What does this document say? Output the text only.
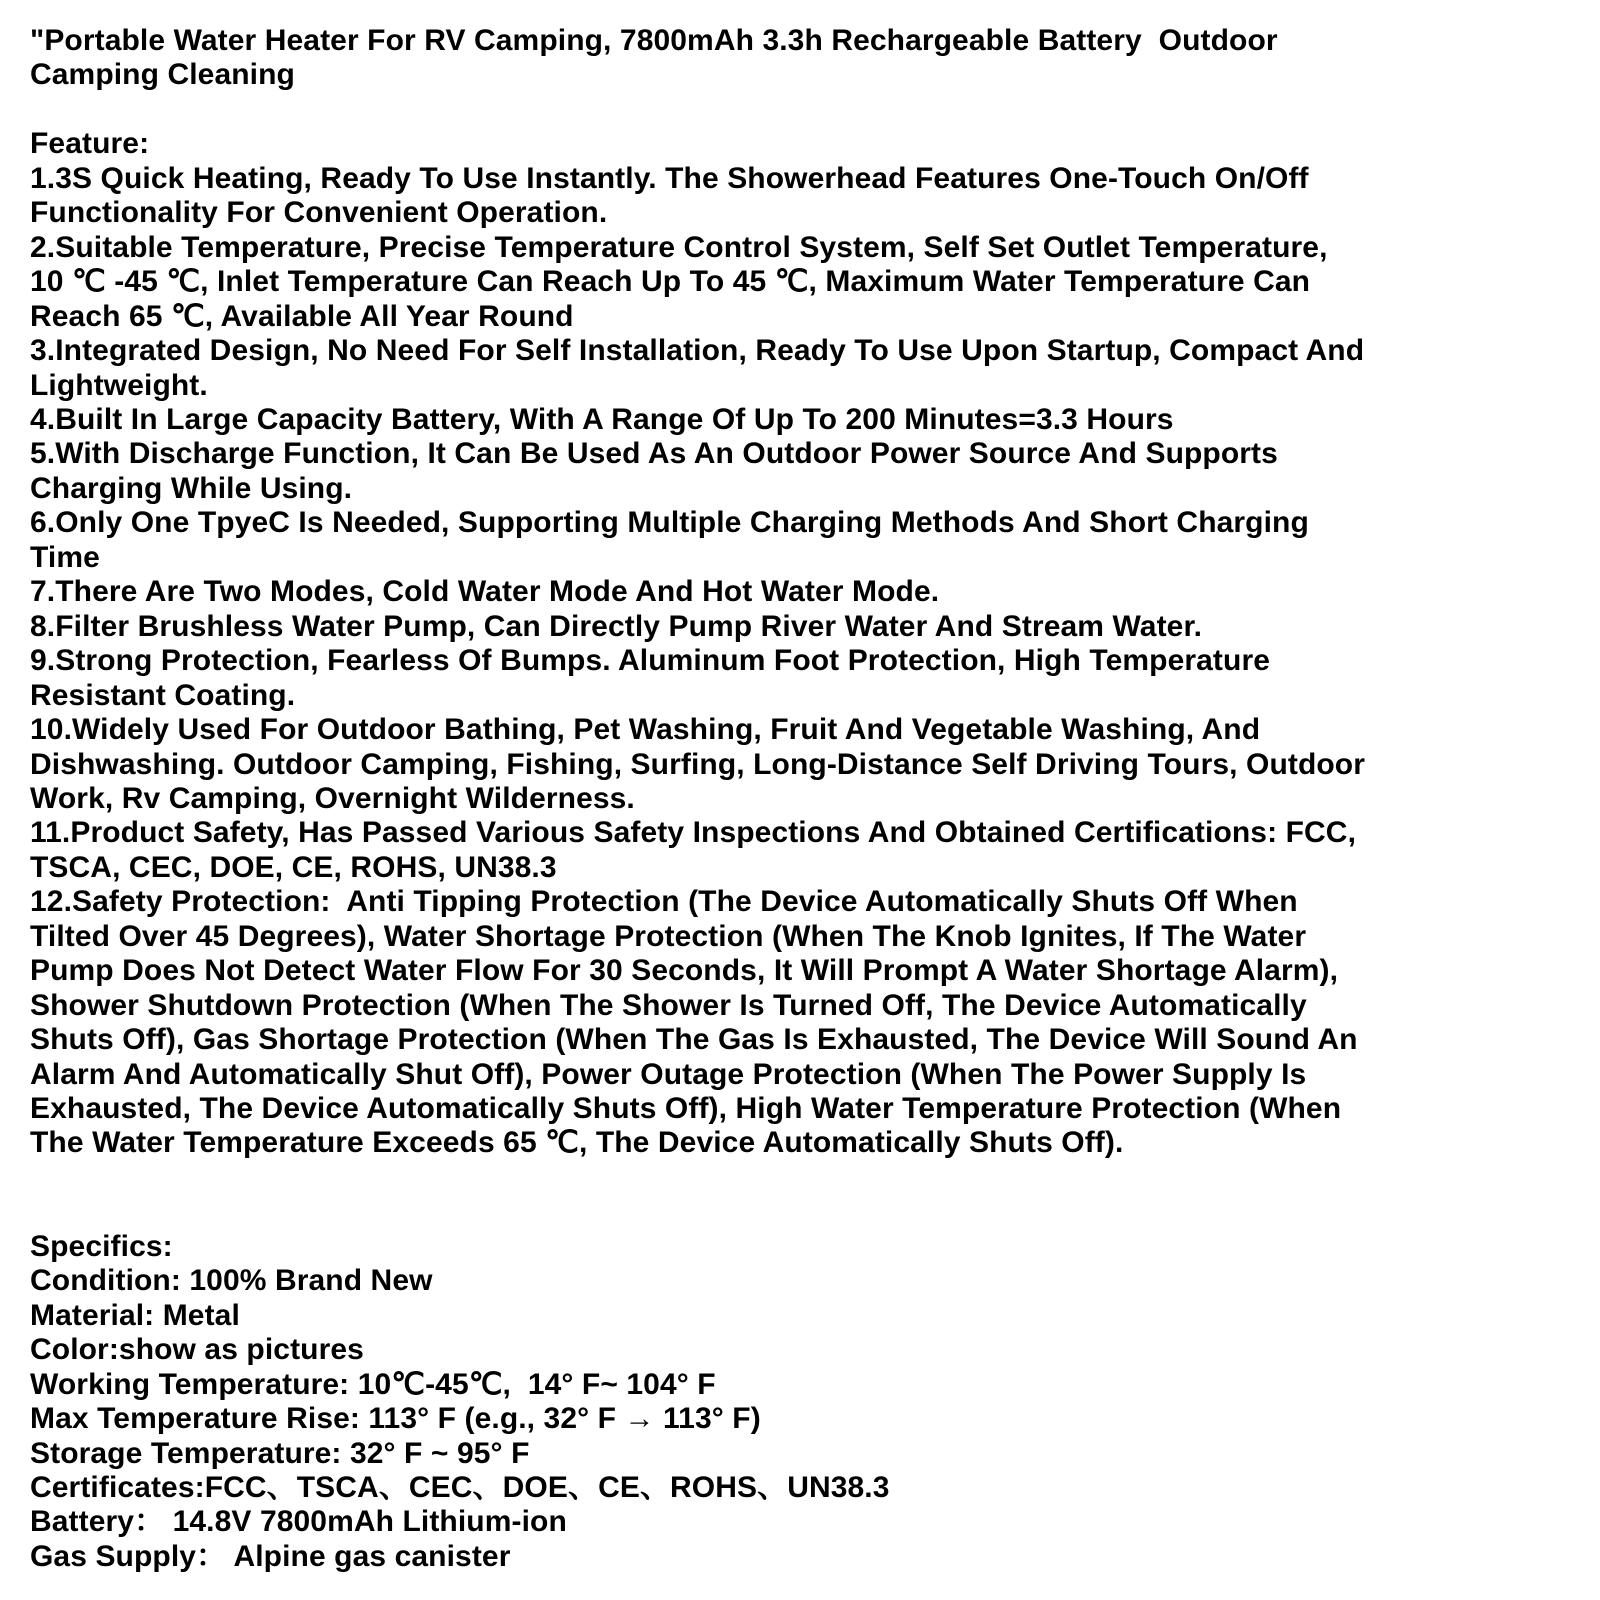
"Portable Water Heater For RV Camping, 7800mAh 3.3h Rechargeable Battery  Outdoor
Camping Cleaning
Feature:
1.3S Quick Heating, Ready To Use Instantly. The Showerhead Features One-Touch On/Off
Functionality For Convenient Operation.
2.Suitable Temperature, Precise Temperature Control System, Self Set Outlet Temperature,
10 ℃ -45 ℃, Inlet Temperature Can Reach Up To 45 ℃, Maximum Water Temperature Can
Reach 65 ℃, Available All Year Round
3.Integrated Design, No Need For Self Installation, Ready To Use Upon Startup, Compact And
Lightweight.
4.Built In Large Capacity Battery, With A Range Of Up To 200 Minutes=3.3 Hours
5.With Discharge Function, It Can Be Used As An Outdoor Power Source And Supports
Charging While Using.
6.Only One TpyeC Is Needed, Supporting Multiple Charging Methods And Short Charging
Time
7.There Are Two Modes, Cold Water Mode And Hot Water Mode.
8.Filter Brushless Water Pump, Can Directly Pump River Water And Stream Water.
9.Strong Protection, Fearless Of Bumps. Aluminum Foot Protection, High Temperature
Resistant Coating.
10.Widely Used For Outdoor Bathing, Pet Washing, Fruit And Vegetable Washing, And
Dishwashing. Outdoor Camping, Fishing, Surfing, Long-Distance Self Driving Tours, Outdoor
Work, Rv Camping, Overnight Wilderness.
11.Product Safety, Has Passed Various Safety Inspections And Obtained Certifications: FCC,
TSCA, CEC, DOE, CE, ROHS, UN38.3
12.Safety Protection:  Anti Tipping Protection (The Device Automatically Shuts Off When
Tilted Over 45 Degrees), Water Shortage Protection (When The Knob Ignites, If The Water
Pump Does Not Detect Water Flow For 30 Seconds, It Will Prompt A Water Shortage Alarm),
Shower Shutdown Protection (When The Shower Is Turned Off, The Device Automatically
Shuts Off), Gas Shortage Protection (When The Gas Is Exhausted, The Device Will Sound An
Alarm And Automatically Shut Off), Power Outage Protection (When The Power Supply Is
Exhausted, The Device Automatically Shuts Off), High Water Temperature Protection (When
The Water Temperature Exceeds 65 ℃, The Device Automatically Shuts Off).
Specifics:
Condition: 100% Brand New
Material: Metal
Color:show as pictures
Working Temperature: 10℃-45℃,  14° F~ 104° F
Max Temperature Rise: 113° F (e.g., 32° F → 113° F)
Storage Temperature: 32° F ~ 95° F
Certificates:FCC、TSCA、CEC、DOE、CE、ROHS、UN38.3
Battery： 14.8V 7800mAh Lithium-ion
Gas Supply： Alpine gas canister
